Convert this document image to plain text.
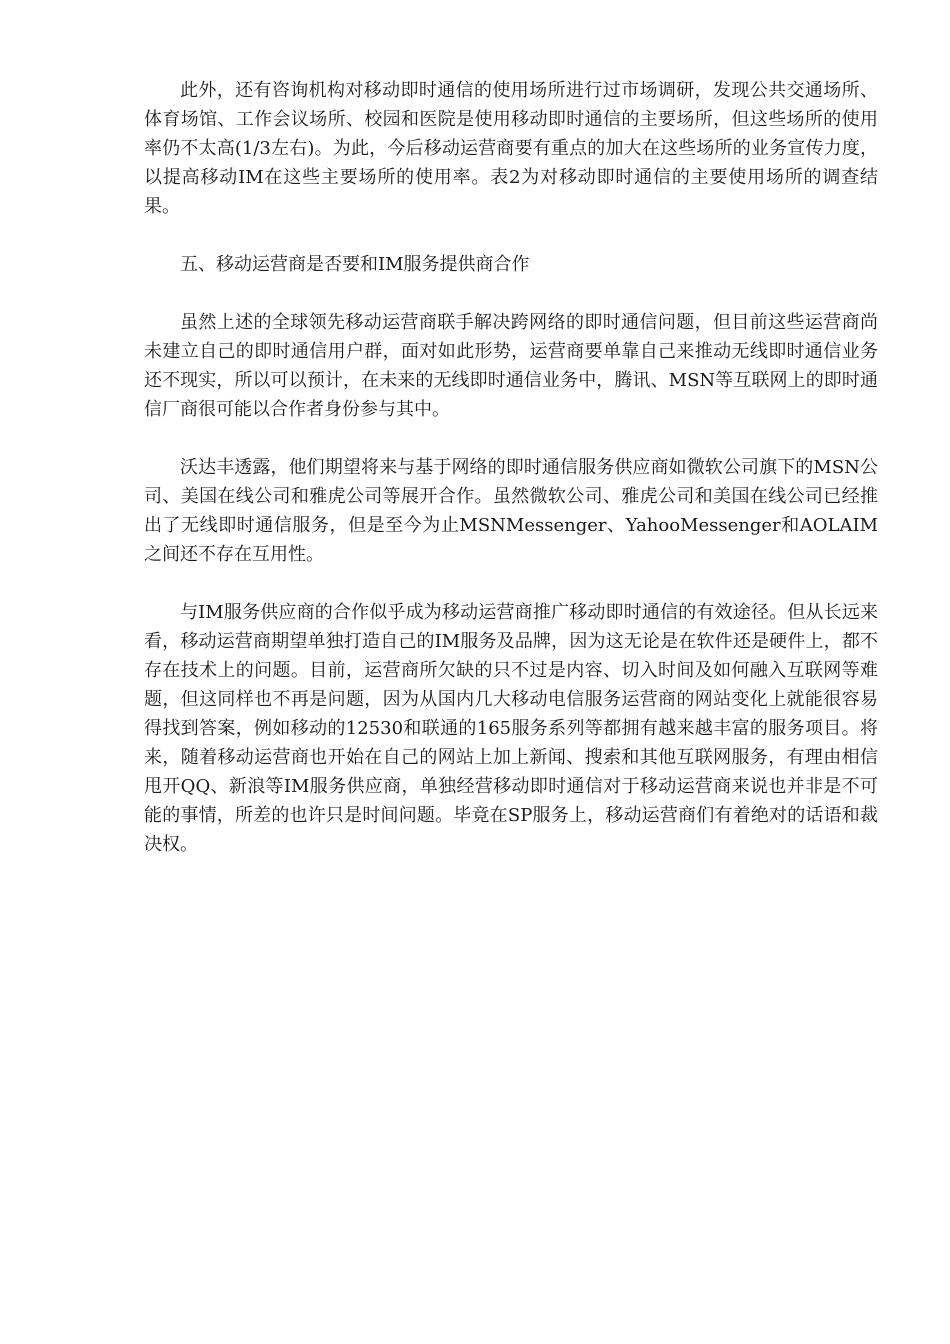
此外，还有咨询机构对移动即时通信的使用场所进行过市场调研，发现公共交通场所、体育场馆、工作会议场所、校园和医院是使用移动即时通信的主要场所，但这些场所的使用率仍不太高(1/3左右)。为此，今后移动运营商要有重点的加大在这些场所的业务宣传力度，以提高移动IM在这些主要场所的使用率。表2为对移动即时通信的主要使用场所的调查结果。

五、移动运营商是否要和IM服务提供商合作

虽然上述的全球领先移动运营商联手解决跨网络的即时通信问题，但目前这些运营商尚未建立自己的即时通信用户群，面对如此形势，运营商要单靠自己来推动无线即时通信业务还不现实，所以可以预计，在未来的无线即时通信业务中，腾讯、MSN等互联网上的即时通信厂商很可能以合作者身份参与其中。

沃达丰透露，他们期望将来与基于网络的即时通信服务供应商如微软公司旗下的MSN公司、美国在线公司和雅虎公司等展开合作。虽然微软公司、雅虎公司和美国在线公司已经推出了无线即时通信服务，但是至今为止MSNMessenger、YahooMessenger和AOLAIM之间还不存在互用性。

与IM服务供应商的合作似乎成为移动运营商推广移动即时通信的有效途径。但从长远来看，移动运营商期望单独打造自己的IM服务及品牌，因为这无论是在软件还是硬件上，都不存在技术上的问题。目前，运营商所欠缺的只不过是内容、切入时间及如何融入互联网等难题，但这同样也不再是问题，因为从国内几大移动电信服务运营商的网站变化上就能很容易得找到答案，例如移动的12530和联通的165服务系列等都拥有越来越丰富的服务项目。将来，随着移动运营商也开始在自己的网站上加上新闻、搜索和其他互联网服务，有理由相信甩开QQ、新浪等IM服务供应商，单独经营移动即时通信对于移动运营商来说也并非是不可能的事情，所差的也许只是时间问题。毕竟在SP服务上，移动运营商们有着绝对的话语和裁决权。
